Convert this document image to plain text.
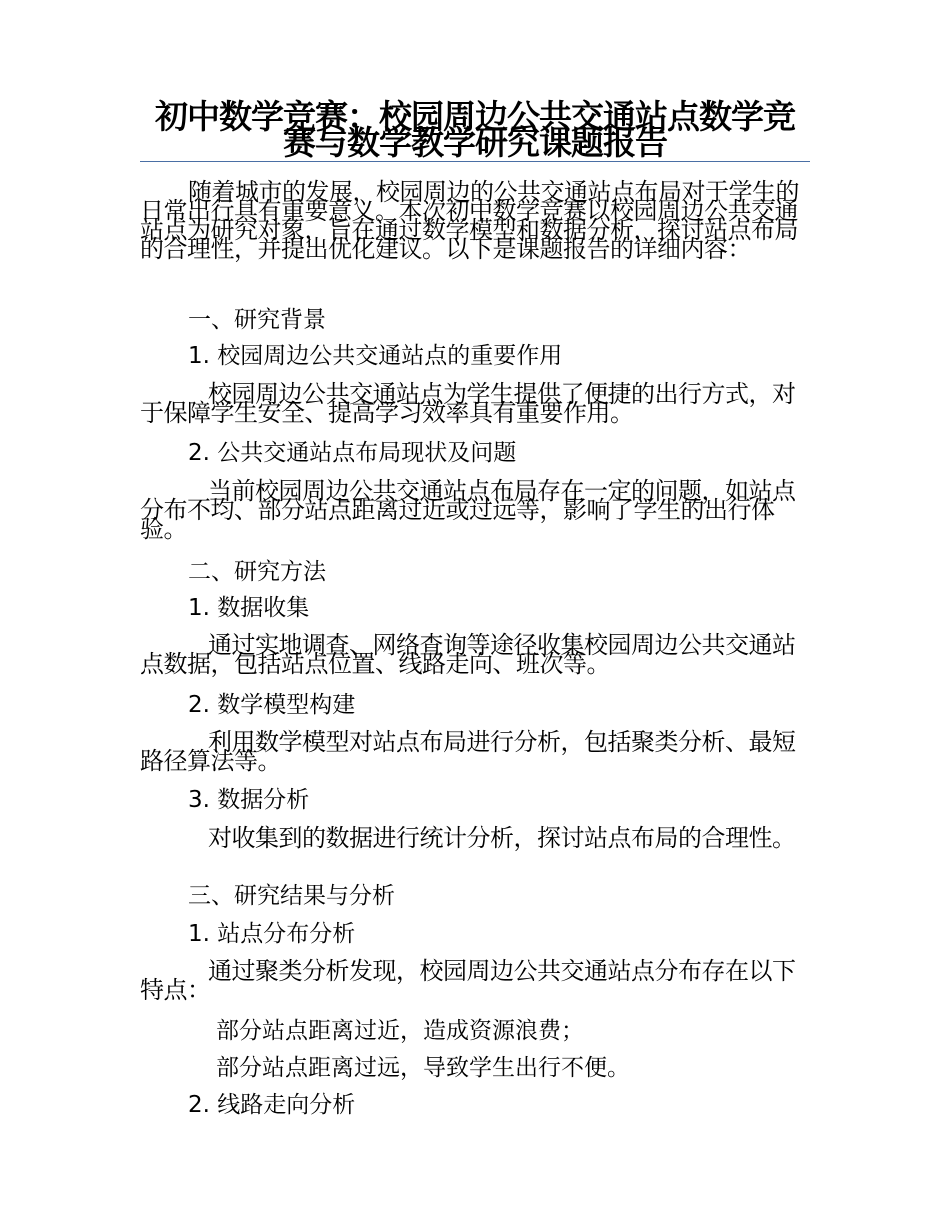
初中数学竞赛：校园周边公共交通站点数学竞赛与数学教学研究课题报告

随着城市的发展，校园周边的公共交通站点布局对于学生的日常出行具有重要意义。本次初中数学竞赛以校园周边公共交通站点为研究对象，旨在通过数学模型和数据分析，探讨站点布局的合理性，并提出优化建议。以下是课题报告的详细内容：

一、研究背景

1. 校园周边公共交通站点的重要作用

校园周边公共交通站点为学生提供了便捷的出行方式，对于保障学生安全、提高学习效率具有重要作用。

2. 公共交通站点布局现状及问题

当前校园周边公共交通站点布局存在一定的问题，如站点分布不均、部分站点距离过近或过远等，影响了学生的出行体验。

二、研究方法

1. 数据收集

通过实地调查、网络查询等途径收集校园周边公共交通站点数据，包括站点位置、线路走向、班次等。

2. 数学模型构建

利用数学模型对站点布局进行分析，包括聚类分析、最短路径算法等。

3. 数据分析

对收集到的数据进行统计分析，探讨站点布局的合理性。

三、研究结果与分析

1. 站点分布分析

通过聚类分析发现，校园周边公共交通站点分布存在以下特点：

部分站点距离过近，造成资源浪费；

部分站点距离过远，导致学生出行不便。

2. 线路走向分析
